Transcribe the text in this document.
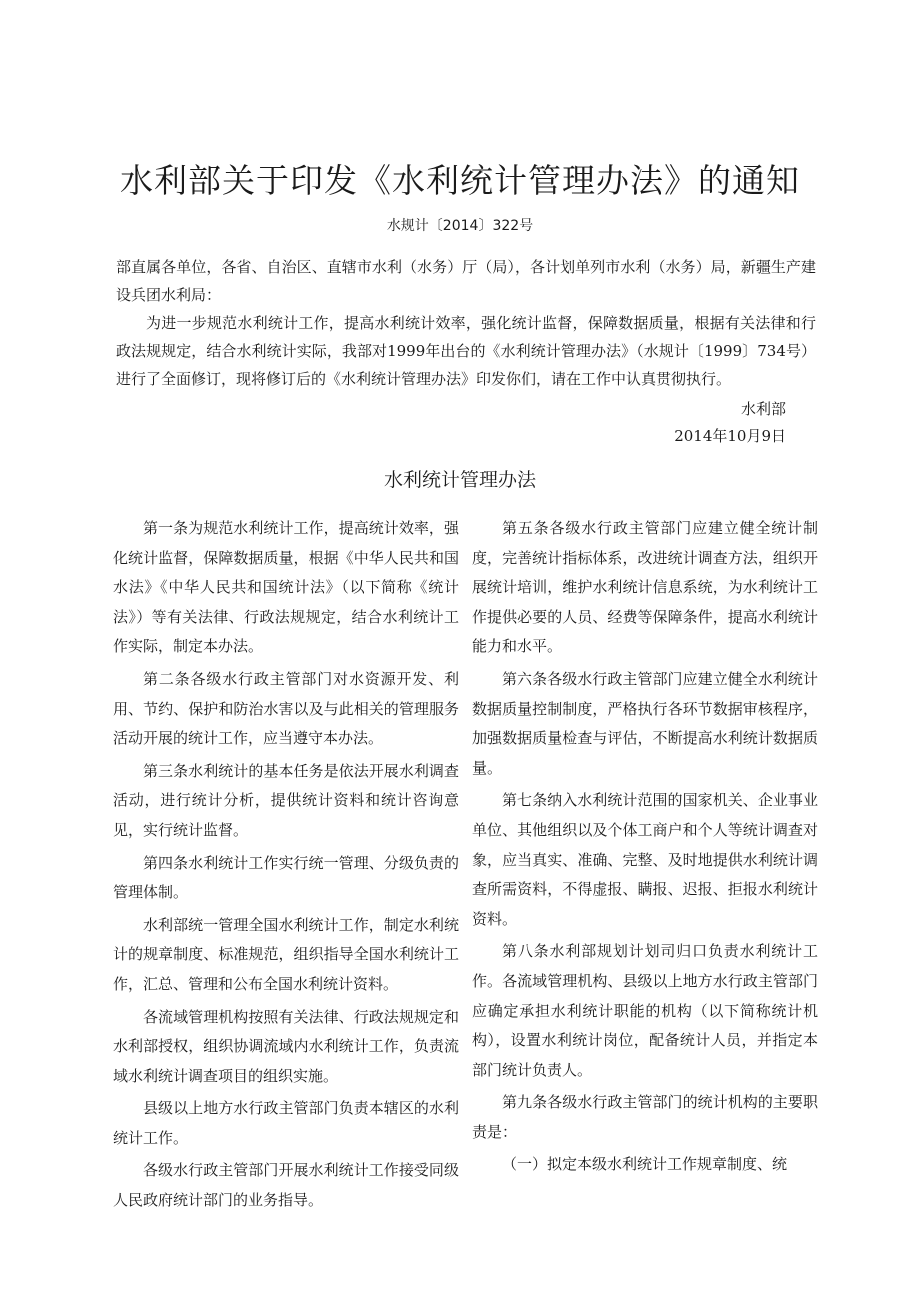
水利部关于印发《水利统计管理办法》的通知
水规计〔2014〕322号

部直属各单位，各省、自治区、直辖市水利（水务）厅（局），各计划单列市水利（水务）局，新疆生产建设兵团水利局：

为进一步规范水利统计工作，提高水利统计效率，强化统计监督，保障数据质量，根据有关法律和行政法规规定，结合水利统计实际，我部对1999年出台的《水利统计管理办法》（水规计〔1999〕734号）进行了全面修订，现将修订后的《水利统计管理办法》印发你们，请在工作中认真贯彻执行。

水利部
2014年10月9日
水利统计管理办法

第一条为规范水利统计工作，提高统计效率，强化统计监督，保障数据质量，根据《中华人民共和国水法》《中华人民共和国统计法》（以下简称《统计法》）等有关法律、行政法规规定，结合水利统计工作实际，制定本办法。

第二条各级水行政主管部门对水资源开发、利用、节约、保护和防治水害以及与此相关的管理服务活动开展的统计工作，应当遵守本办法。

第三条水利统计的基本任务是依法开展水利调查活动，进行统计分析，提供统计资料和统计咨询意见，实行统计监督。

第四条水利统计工作实行统一管理、分级负责的管理体制。

水利部统一管理全国水利统计工作，制定水利统计的规章制度、标准规范，组织指导全国水利统计工作，汇总、管理和公布全国水利统计资料。

各流域管理机构按照有关法律、行政法规规定和水利部授权，组织协调流域内水利统计工作，负责流域水利统计调查项目的组织实施。

县级以上地方水行政主管部门负责本辖区的水利统计工作。

各级水行政主管部门开展水利统计工作接受同级人民政府统计部门的业务指导。

第五条各级水行政主管部门应建立健全统计制度，完善统计指标体系，改进统计调查方法，组织开展统计培训，维护水利统计信息系统，为水利统计工作提供必要的人员、经费等保障条件，提高水利统计能力和水平。

第六条各级水行政主管部门应建立健全水利统计数据质量控制制度，严格执行各环节数据审核程序，加强数据质量检查与评估，不断提高水利统计数据质量。

第七条纳入水利统计范围的国家机关、企业事业单位、其他组织以及个体工商户和个人等统计调查对象，应当真实、准确、完整、及时地提供水利统计调查所需资料，不得虚报、瞒报、迟报、拒报水利统计资料。

第八条水利部规划计划司归口负责水利统计工作。各流域管理机构、县级以上地方水行政主管部门应确定承担水利统计职能的机构（以下简称统计机构），设置水利统计岗位，配备统计人员，并指定本部门统计负责人。

第九条各级水行政主管部门的统计机构的主要职责是：

（一）拟定本级水利统计工作规章制度、统
